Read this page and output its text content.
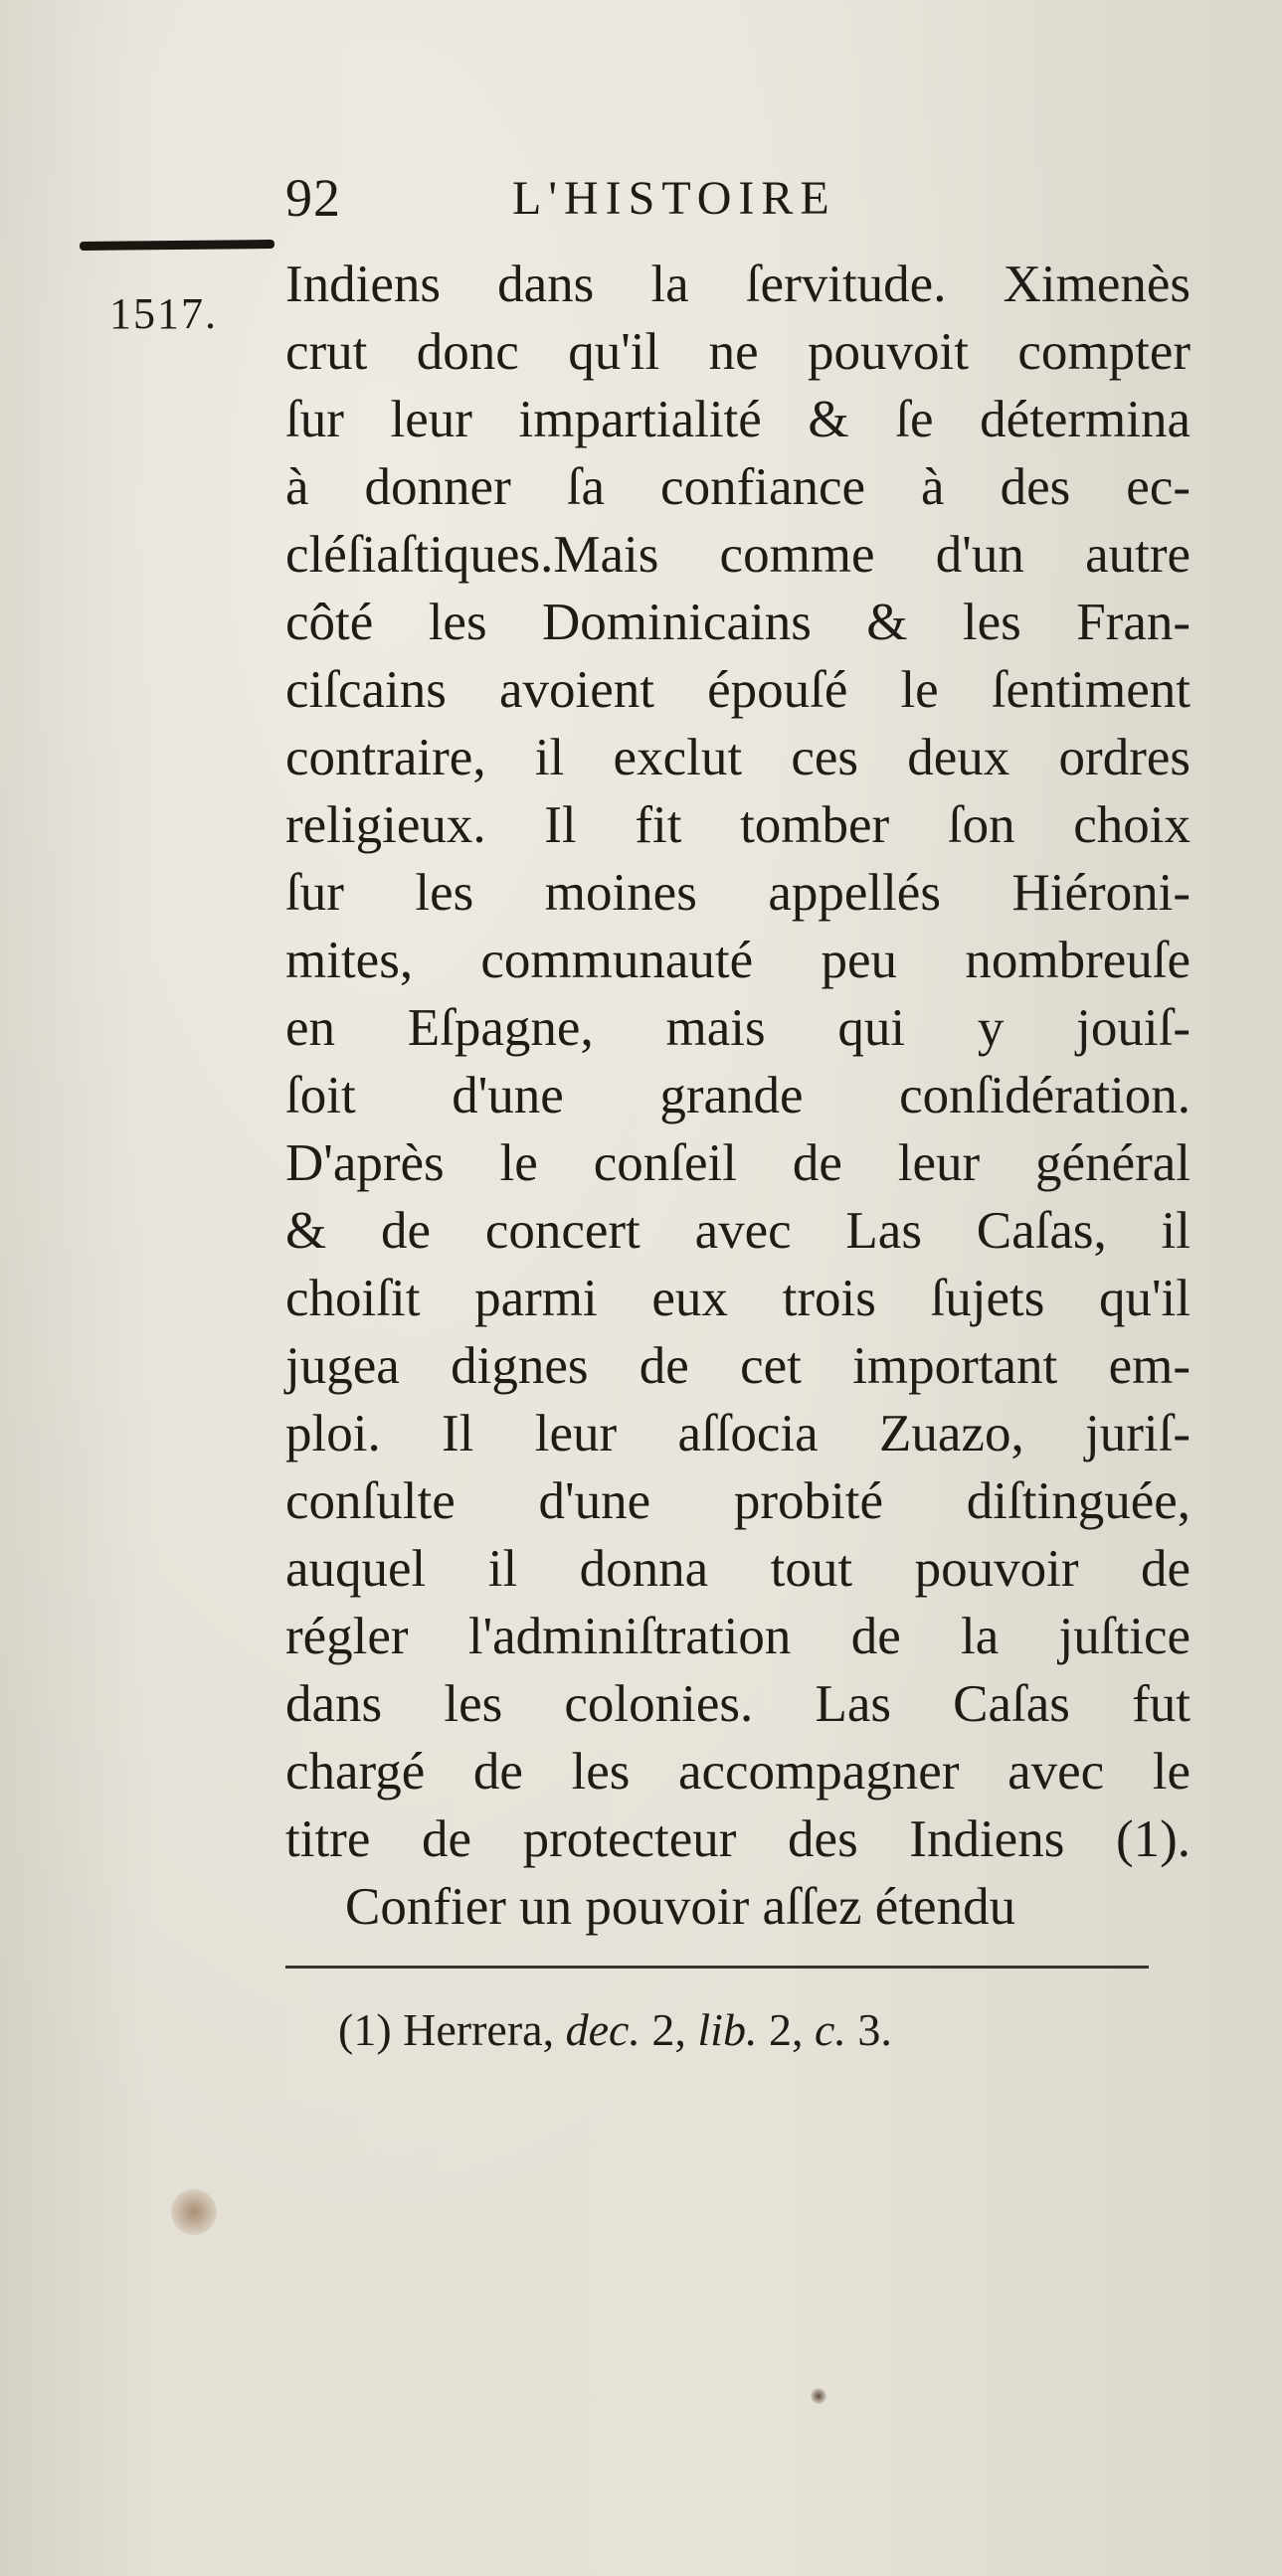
92	L'HISTOIRE
1517.
Indiens dans la ſervitude. Ximenès
crut donc qu'il ne pouvoit compter
ſur leur impartialité & ſe détermina
à donner ſa confiance à des ec-
cléſiaſtiques.Mais comme d'un autre
côté les Dominicains & les Fran-
ciſcains avoient épouſé le ſentiment
contraire, il exclut ces deux ordres
religieux. Il fit tomber ſon choix
ſur les moines appellés Hiéroni-
mites, communauté peu nombreuſe
en Eſpagne, mais qui y jouiſ-
ſoit d'une grande conſidération.
D'après le conſeil de leur général
& de concert avec Las Caſas, il
choiſit parmi eux trois ſujets qu'il
jugea dignes de cet important em-
ploi. Il leur aſſocia Zuazo, juriſ-
conſulte d'une probité diſtinguée,
auquel il donna tout pouvoir de
régler l'adminiſtration de la juſtice
dans les colonies. Las Caſas fut
chargé de les accompagner avec le
titre de protecteur des Indiens (1).
Confier un pouvoir aſſez étendu
(1) Herrera, dec. 2, lib. 2, c. 3.
